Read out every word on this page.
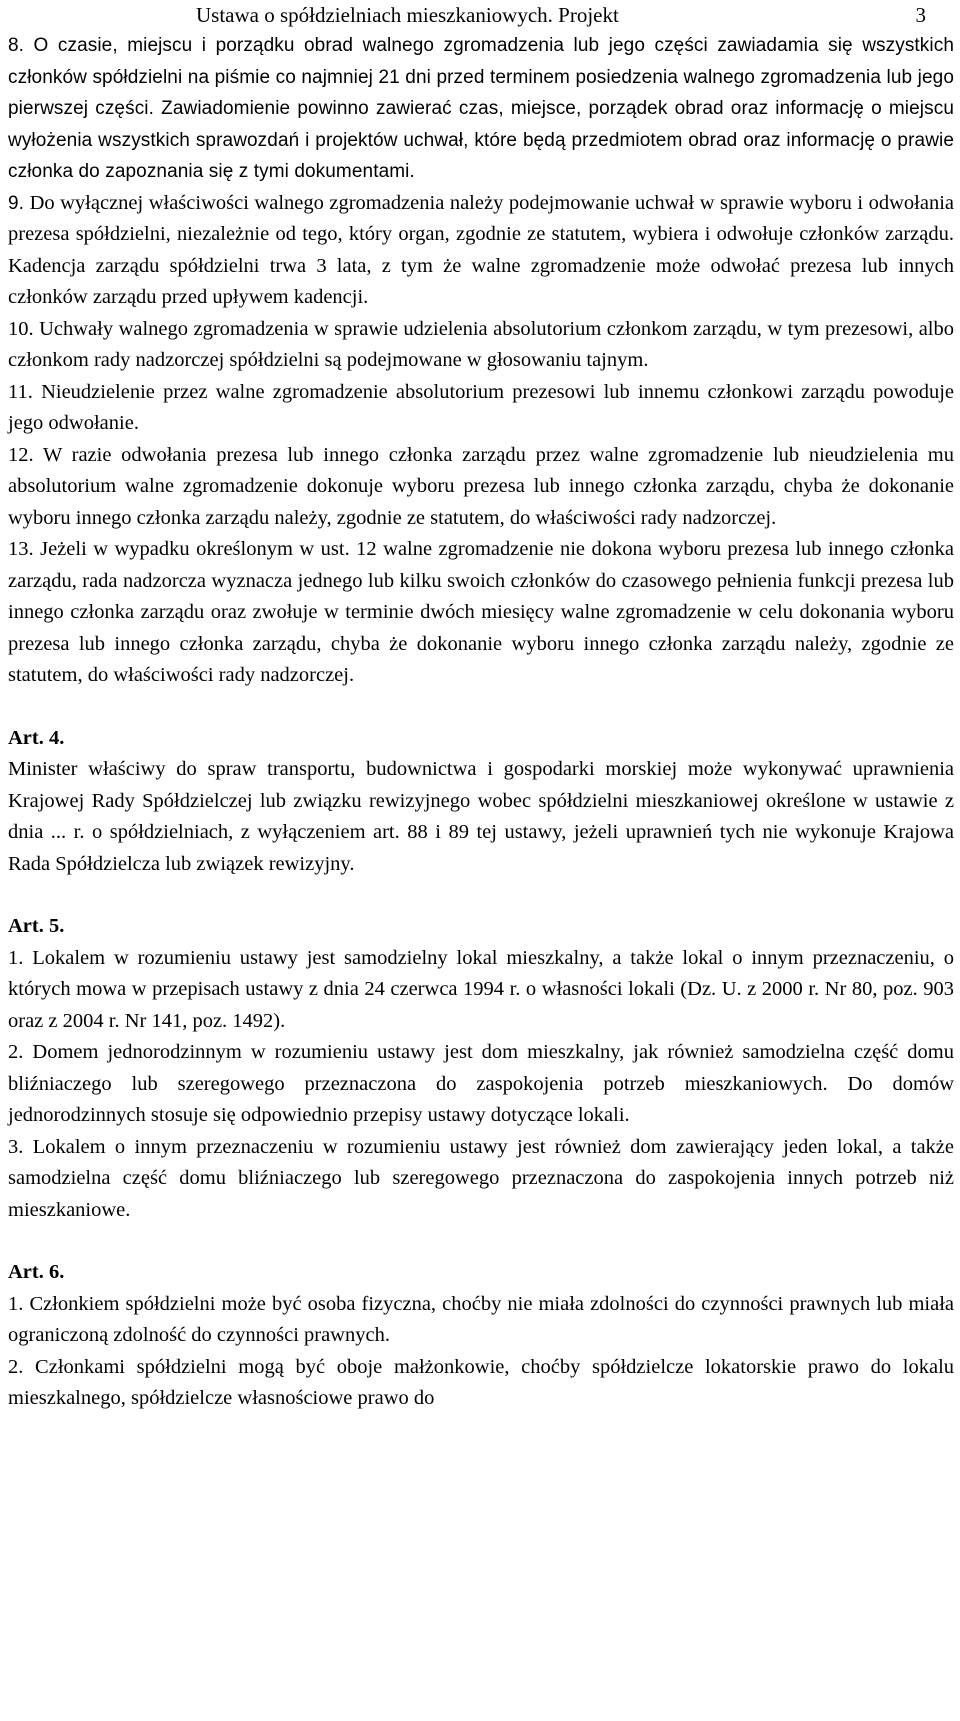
Ustawa o spółdzielniach mieszkaniowych. Projekt	3

8. O czasie, miejscu i porządku obrad walnego zgromadzenia lub jego części zawiadamia się wszystkich członków spółdzielni na piśmie co najmniej 21 dni przed terminem posiedzenia walnego zgromadzenia lub jego pierwszej części. Zawiadomienie powinno zawierać czas, miejsce, porządek obrad oraz informację o miejscu wyłożenia wszystkich sprawozdań i projektów uchwał, które będą przedmiotem obrad oraz informację o prawie członka do zapoznania się z tymi dokumentami.

9. Do wyłącznej właściwości walnego zgromadzenia należy podejmowanie uchwał w sprawie wyboru i odwołania prezesa spółdzielni, niezależnie od tego, który organ, zgodnie ze statutem, wybiera i odwołuje członków zarządu. Kadencja zarządu spółdzielni trwa 3 lata, z tym że walne zgromadzenie może odwołać prezesa lub innych członków zarządu przed upływem kadencji.

10. Uchwały walnego zgromadzenia w sprawie udzielenia absolutorium członkom zarządu, w tym prezesowi, albo członkom rady nadzorczej spółdzielni są podejmowane w głosowaniu tajnym.

11. Nieudzielenie przez walne zgromadzenie absolutorium prezesowi lub innemu członkowi zarządu powoduje jego odwołanie.

12. W razie odwołania prezesa lub innego członka zarządu przez walne zgromadzenie lub nieudzielenia mu absolutorium walne zgromadzenie dokonuje wyboru prezesa lub innego członka zarządu, chyba że dokonanie wyboru innego członka zarządu należy, zgodnie ze statutem, do właściwości rady nadzorczej.

13. Jeżeli w wypadku określonym w ust. 12 walne zgromadzenie nie dokona wyboru prezesa lub innego członka zarządu, rada nadzorcza wyznacza jednego lub kilku swoich członków do czasowego pełnienia funkcji prezesa lub innego członka zarządu oraz zwołuje w terminie dwóch miesięcy walne zgromadzenie w celu dokonania wyboru prezesa lub innego członka zarządu, chyba że dokonanie wyboru innego członka zarządu należy, zgodnie ze statutem, do właściwości rady nadzorczej.

Art. 4.

Minister właściwy do spraw transportu, budownictwa i gospodarki morskiej może wykonywać uprawnienia Krajowej Rady Spółdzielczej lub związku rewizyjnego wobec spółdzielni mieszkaniowej określone w ustawie z dnia ... r. o spółdzielniach, z wyłączeniem art. 88 i 89 tej ustawy, jeżeli uprawnień tych nie wykonuje Krajowa Rada Spółdzielcza lub związek rewizyjny.

Art. 5.

1. Lokalem w rozumieniu ustawy jest samodzielny lokal mieszkalny, a także lokal o innym przeznaczeniu, o których mowa w przepisach ustawy z dnia 24 czerwca 1994 r. o własności lokali (Dz. U. z 2000 r. Nr 80, poz. 903 oraz z 2004 r. Nr 141, poz. 1492).

2. Domem jednorodzinnym w rozumieniu ustawy jest dom mieszkalny, jak również samodzielna część domu bliźniaczego lub szeregowego przeznaczona do zaspokojenia potrzeb mieszkaniowych. Do domów jednorodzinnych stosuje się odpowiednio przepisy ustawy dotyczące lokali.

3. Lokalem o innym przeznaczeniu w rozumieniu ustawy jest również dom zawierający jeden lokal, a także samodzielna część domu bliźniaczego lub szeregowego przeznaczona do zaspokojenia innych potrzeb niż mieszkaniowe.

Art. 6.

1. Członkiem spółdzielni może być osoba fizyczna, choćby nie miała zdolności do czynności prawnych lub miała ograniczoną zdolność do czynności prawnych.

2. Członkami spółdzielni mogą być oboje małżonkowie, choćby spółdzielcze lokatorskie prawo do lokalu mieszkalnego, spółdzielcze własnościowe prawo do
